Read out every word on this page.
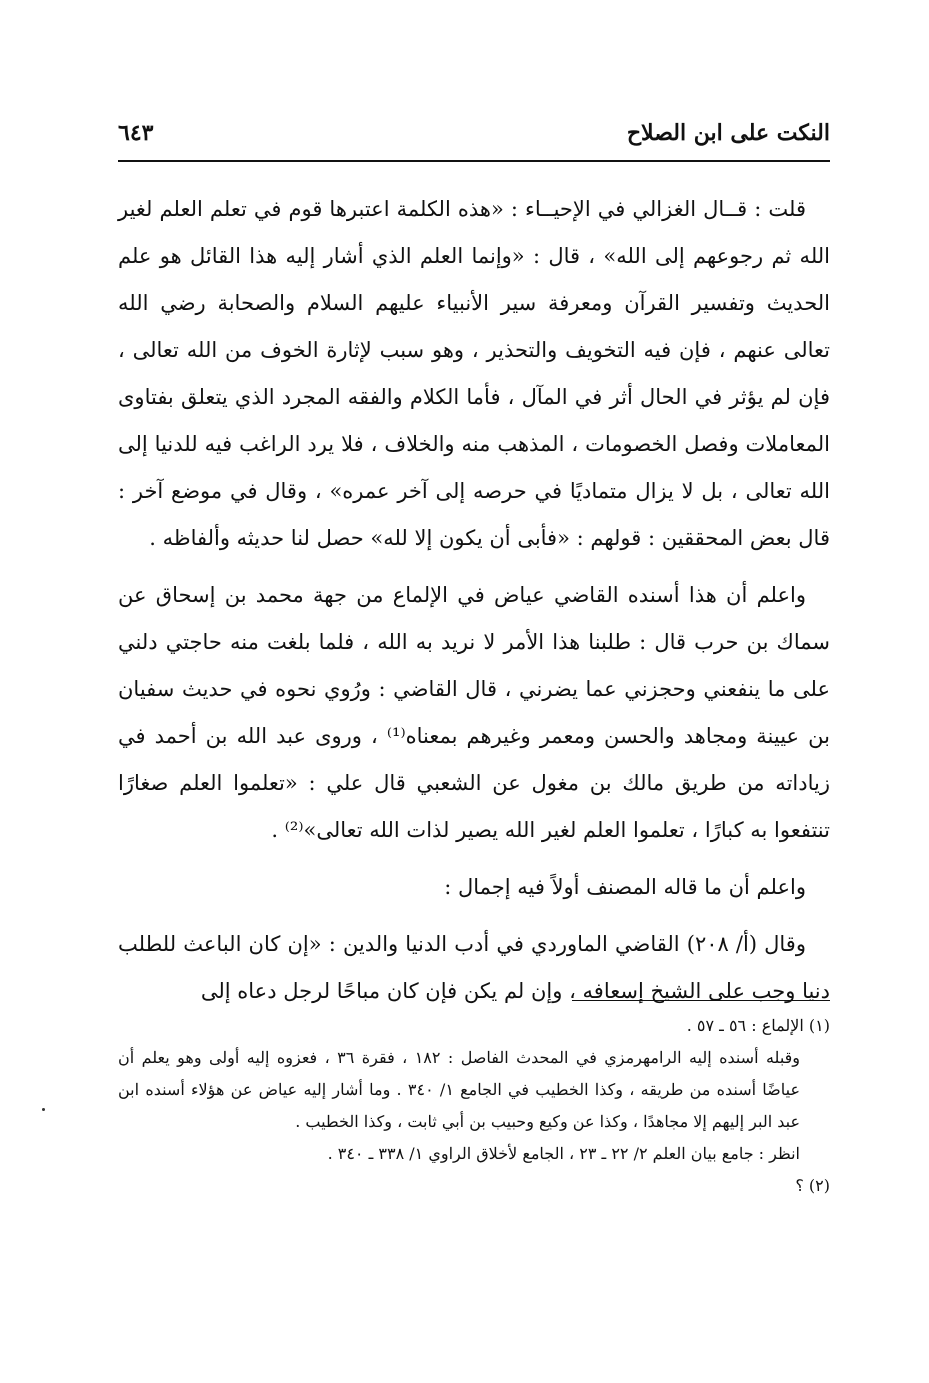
النكت على ابن الصلاح
٦٤٣

قلت : قــال الغزالي في الإحيــاء : «هذه الكلمة اعتبرها قوم في تعلم العلم لغير الله ثم رجوعهم إلى الله» ، قال : «وإنما العلم الذي أشار إليه هذا القائل هو علم الحديث وتفسير القرآن ومعرفة سير الأنبياء عليهم السلام والصحابة رضي الله تعالى عنهم ، فإن فيه التخويف والتحذير ، وهو سبب لإثارة الخوف من الله تعالى ، فإن لم يؤثر في الحال أثر في المآل ، فأما الكلام والفقه المجرد الذي يتعلق بفتاوى المعاملات وفصل الخصومات ، المذهب منه والخلاف ، فلا يرد الراغب فيه للدنيا إلى الله تعالى ، بل لا يزال متماديًا في حرصه إلى آخر عمره» ، وقال في موضع آخر : قال بعض المحققين : قولهم : «فأبى أن يكون إلا لله» حصل لنا حديثه وألفاظه .

واعلم أن هذا أسنده القاضي عياض في الإلماع من جهة محمد بن إسحاق عن سماك بن حرب قال : طلبنا هذا الأمر لا نريد به الله ، فلما بلغت منه حاجتي دلني على ما ينفعني وحجزني عما يضرني ، قال القاضي : ورُوي نحوه في حديث سفيان بن عيينة ومجاهد والحسن ومعمر وغيرهم بمعناه⁽¹⁾ ، وروى عبد الله بن أحمد في زياداته من طريق مالك بن مغول عن الشعبي قال علي : «تعلموا العلم صغارًا تنتفعوا به كبارًا ، تعلموا العلم لغير الله يصير لذات الله تعالى»⁽²⁾ .

واعلم أن ما قاله المصنف أولاً فيه إجمال :

وقال (أ/ ٢٠٨) القاضي الماوردي في أدب الدنيا والدين : «إن كان الباعث للطلب دنيا وجب على الشيخ إسعافه ، وإن لم يكن فإن كان مباحًا لرجل دعاه إلى

(١) الإلماع : ٥٦ ـ ٥٧ .

وقبله أسنده إليه الرامهرمزي في المحدث الفاصل : ١٨٢ ، فقرة ٣٦ ، فعزوه إليه أولى وهو يعلم أن عياضًا أسنده من طريقه ، وكذا الخطيب في الجامع ١/ ٣٤٠ . وما أشار إليه عياض عن هؤلاء أسنده ابن عبد البر إليهم إلا مجاهدًا ، وكذا عن وكيع وحبيب بن أبي ثابت ، وكذا الخطيب .

انظر : جامع بيان العلم ٢/ ٢٢ ـ ٢٣ ، الجامع لأخلاق الراوي ١/ ٣٣٨ ـ ٣٤٠ .

(٢) ؟
